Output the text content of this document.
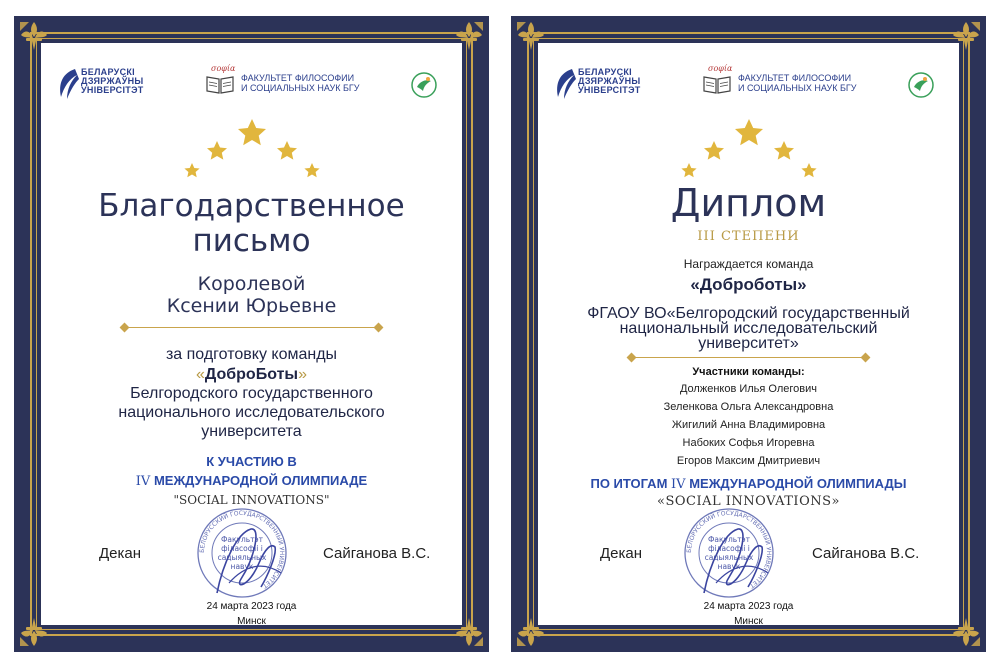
БЕЛАРУСКІ
ДЗЯРЖАЎНЫ
УНІВЕРСІТЭТ
σοφία
ФАКУЛЬТЕТ ФИЛОСОФИИ
И СОЦИАЛЬНЫХ НАУК БГУ
Благодарственное
письмо
Королевой
Ксении Юрьевне
за подготовку команды
«ДоброБоты»
Белгородского государственного
национального исследовательского
университета
К УЧАСТИЮ В
IV МЕЖДУНАРОДНОЙ ОЛИМПИАДЕ
"SOCIAL INNOVATIONS"
Декан	БЕЛОРУССКИЙ ГОСУДАРСТВЕННЫЙ УНИВЕРСИТЕТ
Факультэт
філасофіі і
сацыяльных
навук
Сайганова В.С.
24 марта 2023 года
Минск
БЕЛАРУСКІ
ДЗЯРЖАЎНЫ
УНІВЕРСІТЭТ
σοφία
ФАКУЛЬТЕТ ФИЛОСОФИИ
И СОЦИАЛЬНЫХ НАУК БГУ
Диплом
III СТЕПЕНИ
Награждается команда
«Доброботы»
ФГАОУ ВО«Белгородский государственный
национальный исследовательский
университет»
Участники команды:
Долженков Илья Олегович
Зеленкова Ольга Александровна
Жигилий Анна Владимировна
Набоких Софья Игоревна
Егоров Максим Дмитриевич
ПО ИТОГАМ IV МЕЖДУНАРОДНОЙ ОЛИМПИАДЫ
«SOCIAL INNOVATIONS»
Декан	БЕЛОРУССКИЙ ГОСУДАРСТВЕННЫЙ УНИВЕРСИТЕТ
Факультэт
філасофіі і
сацыяльных
навук
Сайганова В.С.
24 марта 2023 года
Минск
